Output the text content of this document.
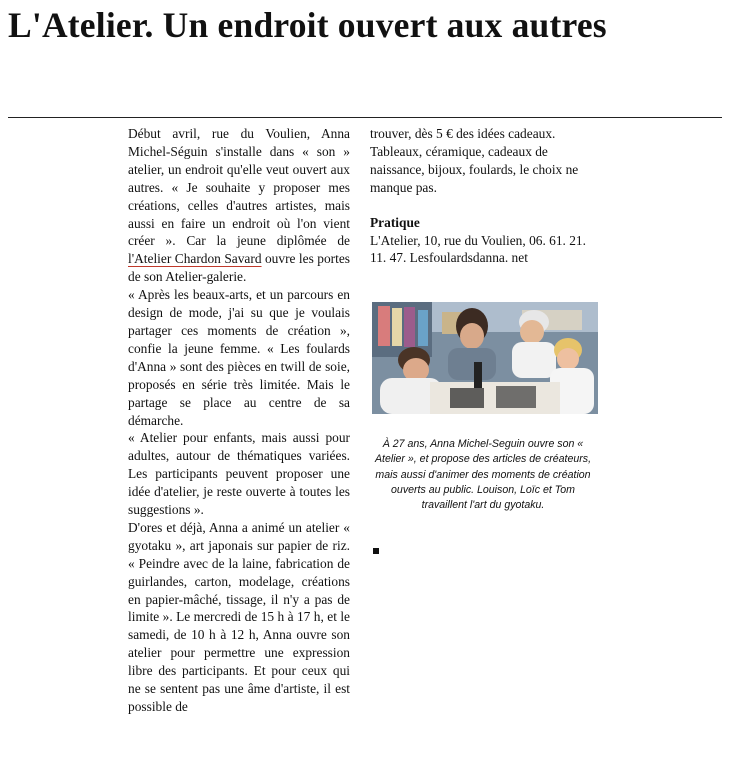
L'Atelier. Un endroit ouvert aux autres

Début avril, rue du Voulien, Anna Michel-Séguin s'installe dans « son » atelier, un endroit qu'elle veut ouvert aux autres. « Je souhaite y proposer mes créations, celles d'autres artistes, mais aussi en faire un endroit où l'on vient créer ». Car la jeune diplômée de l'Atelier Chardon Savard ouvre les portes de son Atelier-galerie.

« Après les beaux-arts, et un parcours en design de mode, j'ai su que je voulais partager ces moments de création », confie la jeune femme. « Les foulards d'Anna » sont des pièces en twill de soie, proposés en série très limitée. Mais le partage se place au centre de sa démarche.

« Atelier pour enfants, mais aussi pour adultes, autour de thématiques variées. Les participants peuvent proposer une idée d'atelier, je reste ouverte à toutes les suggestions ».

D'ores et déjà, Anna a animé un atelier « gyotaku », art japonais sur papier de riz. « Peindre avec de la laine, fabrication de guirlandes, carton, modelage, créations en papier-mâché, tissage, il n'y a pas de limite ». Le mercredi de 15 h à 17 h, et le samedi, de 10 h à 12 h, Anna ouvre son atelier pour permettre une expression libre des participants. Et pour ceux qui ne se sentent pas une âme d'artiste, il est possible de

trouver, dès 5 € des idées cadeaux. Tableaux, céramique, cadeaux de naissance, bijoux, foulards, le choix ne manque pas.

Pratique

L'Atelier, 10, rue du Voulien, 06. 61. 21. 11. 47. Lesfoulardsdanna. net

À 27 ans, Anna Michel-Seguin ouvre son « Atelier », et propose des articles de créateurs, mais aussi d'animer des moments de création ouverts au public. Louison, Loïc et Tom travaillent l'art du gyotaku.
